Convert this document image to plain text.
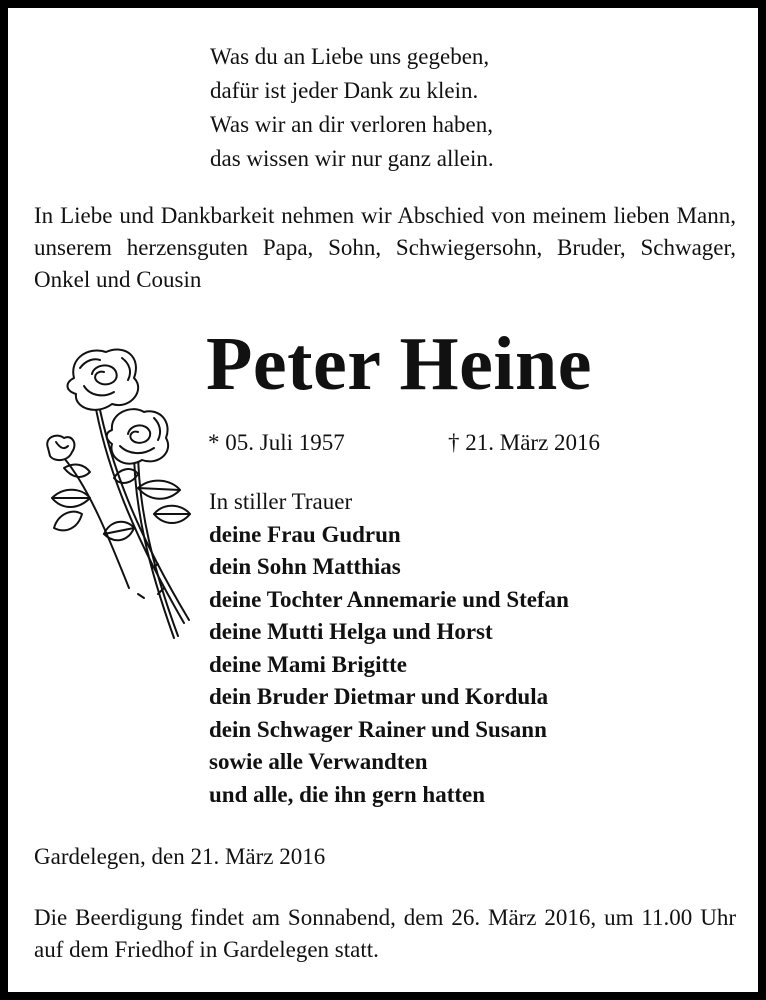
Was du an Liebe uns gegeben,
dafür ist jeder Dank zu klein.
Was wir an dir verloren haben,
das wissen wir nur ganz allein.
In Liebe und Dankbarkeit nehmen wir Abschied von meinem lieben Mann, unserem herzensguten Papa, Sohn, Schwiegersohn, Bruder, Schwager, Onkel und Cousin
Peter Heine
* 05. Juli 1957	† 21. März 2016
In stiller Trauer
deine Frau Gudrun
dein Sohn Matthias
deine Tochter Annemarie und Stefan
deine Mutti Helga und Horst
deine Mami Brigitte
dein Bruder Dietmar und Kordula
dein Schwager Rainer und Susann
sowie alle Verwandten
und alle, die ihn gern hatten
Gardelegen, den 21. März 2016
Die Beerdigung findet am Sonnabend, dem 26. März 2016, um 11.00 Uhr auf dem Friedhof in Gardelegen statt.
